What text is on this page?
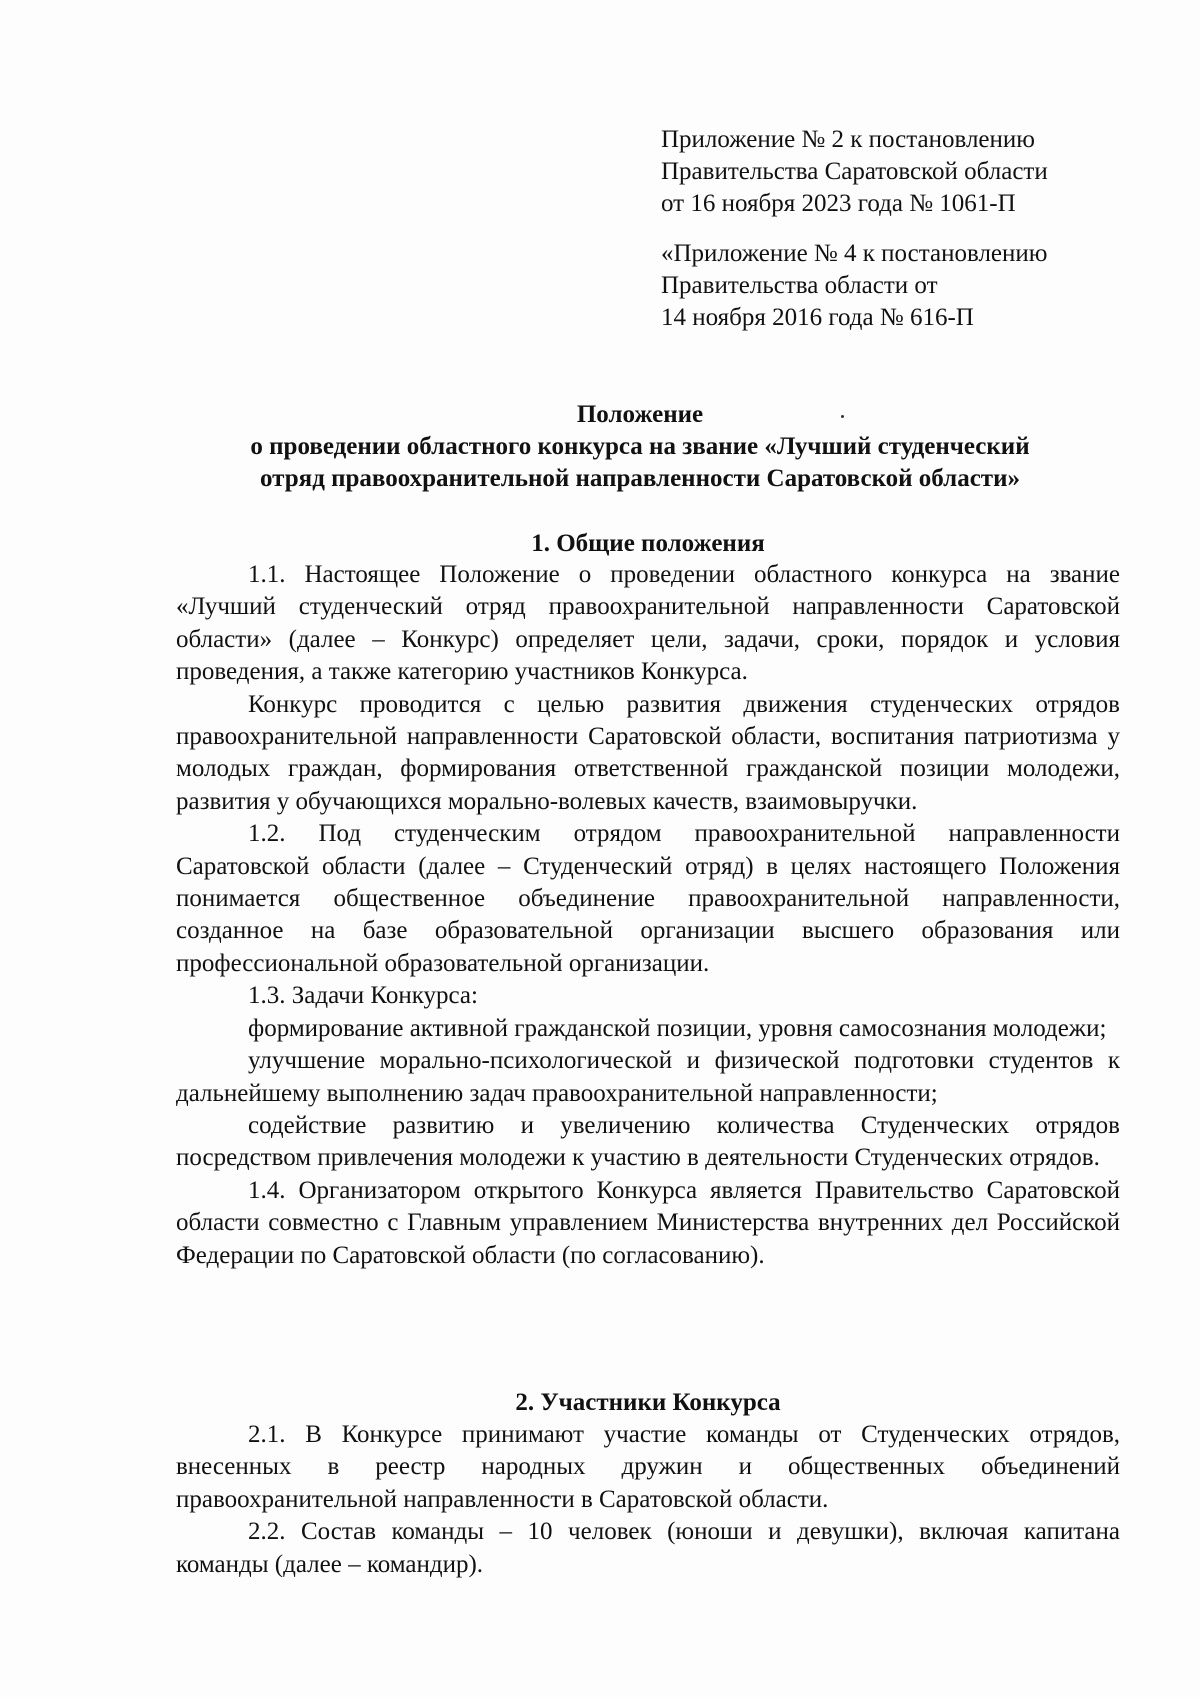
Приложение № 2 к постановлению
Правительства Саратовской области
от 16 ноября 2023 года № 1061-П
«Приложение № 4 к постановлению
Правительства области от
14 ноября 2016 года № 616-П
Положение
о проведении областного конкурса на звание «Лучший студенческий
отряд правоохранительной направленности Саратовской области»
1. Общие положения

1.1. Настоящее Положение о проведении областного конкурса на звание «Лучший студенческий отряд правоохранительной направленности Саратовской области» (далее – Конкурс) определяет цели, задачи, сроки, порядок и условия проведения, а также категорию участников Конкурса.

Конкурс проводится с целью развития движения студенческих отрядов правоохранительной направленности Саратовской области, воспитания патриотизма у молодых граждан, формирования ответственной гражданской позиции молодежи, развития у обучающихся морально-волевых качеств, взаимовыручки.

1.2. Под студенческим отрядом правоохранительной направленности Саратовской области (далее – Студенческий отряд) в целях настоящего Положения понимается общественное объединение правоохранительной направленности, созданное на базе образовательной организации высшего образования или профессиональной образовательной организации.

1.3. Задачи Конкурса:

формирование активной гражданской позиции, уровня самосознания молодежи;

улучшение морально-психологической и физической подготовки студентов к дальнейшему выполнению задач правоохранительной направленности;

содействие развитию и увеличению количества Студенческих отрядов посредством привлечения молодежи к участию в деятельности Студенческих отрядов.

1.4. Организатором открытого Конкурса является Правительство Саратовской области совместно с Главным управлением Министерства внутренних дел Российской Федерации по Саратовской области (по согласованию).

2. Участники Конкурса

2.1. В Конкурсе принимают участие команды от Студенческих отрядов, внесенных в реестр народных дружин и общественных объединений правоохранительной направленности в Саратовской области.

2.2. Состав команды – 10 человек (юноши и девушки), включая капитана команды (далее – командир).
